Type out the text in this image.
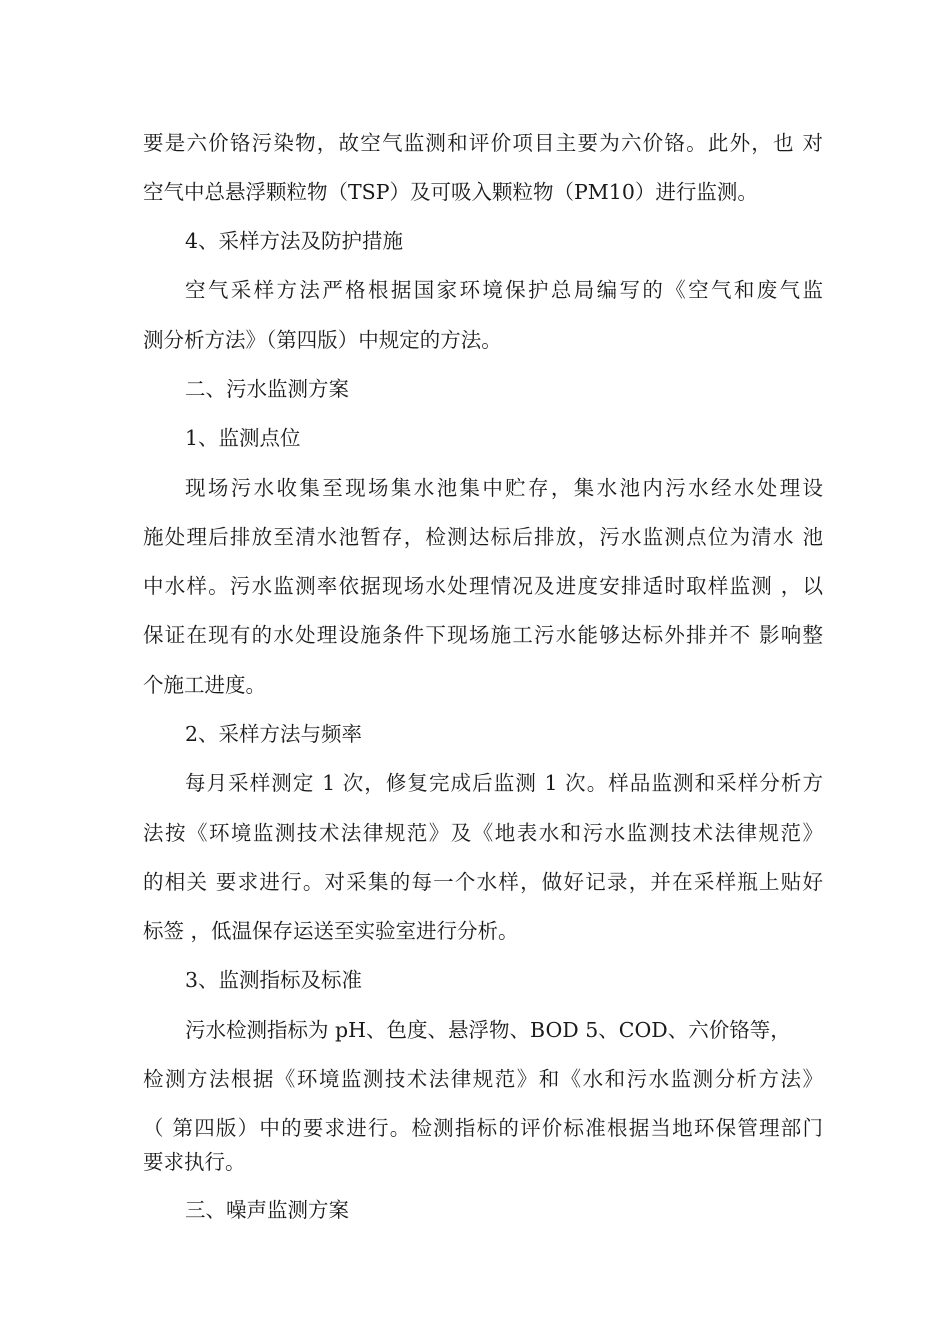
要是六价铬污染物，故空气监测和评价项目主要为六价铬。此外，也 对
空气中总悬浮颗粒物（TSP）及可吸入颗粒物（PM10）进行监测。
4、采样方法及防护措施
空气采样方法严格根据国家环境保护总局编写的《空气和废气监
测分析方法》（第四版）中规定的方法。
二、污水监测方案
1、监测点位
现场污水收集至现场集水池集中贮存，集水池内污水经水处理设
施处理后排放至清水池暂存，检测达标后排放，污水监测点位为清水 池
中水样。污水监测率依据现场水处理情况及进度安排适时取样监测 ，以
保证在现有的水处理设施条件下现场施工污水能够达标外排并不 影响整
个施工进度。
2、采样方法与频率
每月采样测定 1 次，修复完成后监测 1 次。样品监测和采样分析方
法按《环境监测技术法律规范》及《地表水和污水监测技术法律规范》
的相关 要求进行。对采集的每一个水样，做好记录，并在采样瓶上贴好
标签 ，低温保存运送至实验室进行分析。
3、监测指标及标准
污水检测指标为 pH、色度、悬浮物、BOD 5、COD、六价铬等，
检测方法根据《环境监测技术法律规范》和《水和污水监测分析方法》
（ 第四版）中的要求进行。检测指标的评价标准根据当地环保管理部门
要求执行。
三、噪声监测方案
